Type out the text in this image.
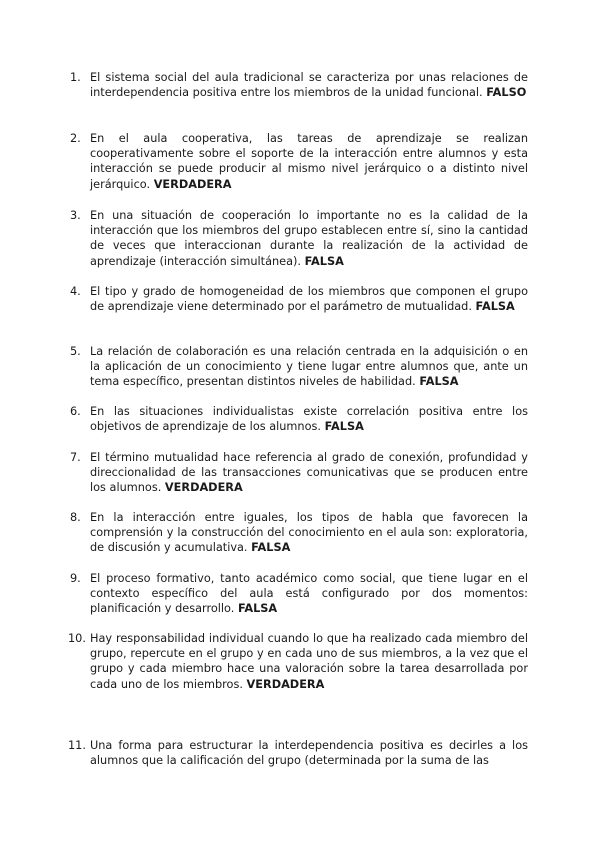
1. El sistema social del aula tradicional se caracteriza por unas relaciones de interdependencia positiva entre los miembros de la unidad funcional. FALSO
2. En el aula cooperativa, las tareas de aprendizaje se realizan cooperativamente sobre el soporte de la interacción entre alumnos y esta interacción se puede producir al mismo nivel jerárquico o a distinto nivel jerárquico. VERDADERA
3. En una situación de cooperación lo importante no es la calidad de la interacción que los miembros del grupo establecen entre sí, sino la cantidad de veces que interaccionan durante la realización de la actividad de aprendizaje (interacción simultánea). FALSA
4. El tipo y grado de homogeneidad de los miembros que componen el grupo de aprendizaje viene determinado por el parámetro de mutualidad. FALSA
5. La relación de colaboración es una relación centrada en la adquisición o en la aplicación de un conocimiento y tiene lugar entre alumnos que, ante un tema específico, presentan distintos niveles de habilidad. FALSA
6. En las situaciones individualistas existe correlación positiva entre los objetivos de aprendizaje de los alumnos. FALSA
7. El término mutualidad hace referencia al grado de conexión, profundidad y direccionalidad de las transacciones comunicativas que se producen entre los alumnos. VERDADERA
8. En la interacción entre iguales, los tipos de habla que favorecen la comprensión y la construcción del conocimiento en el aula son: exploratoria, de discusión y acumulativa. FALSA
9. El proceso formativo, tanto académico como social, que tiene lugar en el contexto específico del aula está configurado por dos momentos: planificación y desarrollo. FALSA
10. Hay responsabilidad individual cuando lo que ha realizado cada miembro del grupo, repercute en el grupo y en cada uno de sus miembros, a la vez que el grupo y cada miembro hace una valoración sobre la tarea desarrollada por cada uno de los miembros. VERDADERA
11. Una forma para estructurar la interdependencia positiva es decirles a los alumnos que la calificación del grupo (determinada por la suma de las
